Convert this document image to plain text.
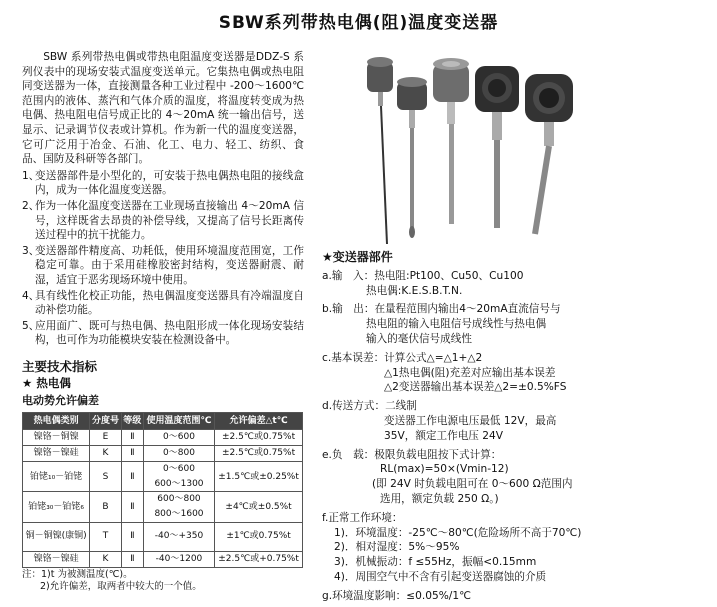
SBW系列带热电偶(阻)温度变送器

SBW 系列带热电偶或带热电阻温度变送器是DDZ-S 系列仪表中的现场安装式温度变送单元。它集热电偶或热电阻同变送器为一体，直接测量各种工业过程中 -200～1600℃范围内的液体、蒸汽和气体介质的温度，将温度转变成为热电偶、热电阻电信号成正比的 4～20mA 统一输出信号，送显示、记录调节仪表或计算机。作为新一代的温度变送器，它可广泛用于冶金、石油、化工、电力、轻工、纺织、食品、国防及科研等各部门。

1、
变送器部件是小型化的，可安装于热电偶热电阻的接线盒内，成为一体化温度变送器。
2、
作为一体化温度变送器在工业现场直接输出 4～20mA 信号，这样既省去昂贵的补偿导线，又提高了信号长距离传送过程中的抗干扰能力。
3、
变送器部件精度高、功耗低，使用环境温度范围宽，工作稳定可靠。由于采用硅橡胶密封结构，变送器耐震、耐湿，适宜于恶劣现场环境中使用。
4、
具有线性化校正功能，热电偶温度变送器具有冷端温度自动补偿功能。
5、
应用面广、既可与热电偶、热电阻形成一体化现场安装结构，也可作为功能模块安装在检测设备中。
主要技术指标
★ 热电偶
电动势允许偏差
热电偶类别	分度号	等级	使用温度范围℃	允许偏差△t℃
镍铬－铜镍	E	Ⅱ	0～600	±2.5℃或0.75%t
镍铬－镍硅	K	Ⅱ	0～800	±2.5℃或0.75%t
铂铑₁₀－铂铑	S	Ⅱ	0～600
600～1300	±1.5℃或±0.25%t
铂铑₃₀－铂铑₆	B	Ⅱ	600～800
800～1600	±4℃或±0.5%t
铜－铜镍(康铜)	T	Ⅱ	-40～+350	±1℃或0.75%t
镍铬－镍硅	K	Ⅱ	-40～1200	±2.5℃或+0.75%t
注：1)t 为被测温度(℃)。
2)允许偏差，取两者中较大的一个值。
★变送器部件
a.输　入：热电阻:Pt100、Cu50、Cu100
热电偶:K.E.S.B.T.N.
b.输　出：在量程范围内输出4～20mA直流信号与
热电阻的输入电阻信号成线性与热电偶
输入的毫伏信号成线性
c.基本误差：计算公式△=△1+△2
△1热电偶(阻)充差对应输出基本误差
△2变送器输出基本误差△2=±0.5%FS
d.传送方式：二线制
变送器工作电源电压最低 12V，最高
35V，额定工作电压 24V
e.负　载：极限负载电阻按下式计算：
RL(max)=50×(Vmin-12)
(即 24V 时负载电阻可在 0～600 Ω范围内
选用，额定负载 250 Ω。)
f.正常工作环境：
1)．环境温度：-25℃～80℃(危险场所不高于70℃)
2)．相对湿度：5%～95%
3)．机械振动：f ≤55Hz，振幅<0.15mm
4)．周围空气中不含有引起变送器腐蚀的介质
g.环境温度影响：≤0.05%/1℃
